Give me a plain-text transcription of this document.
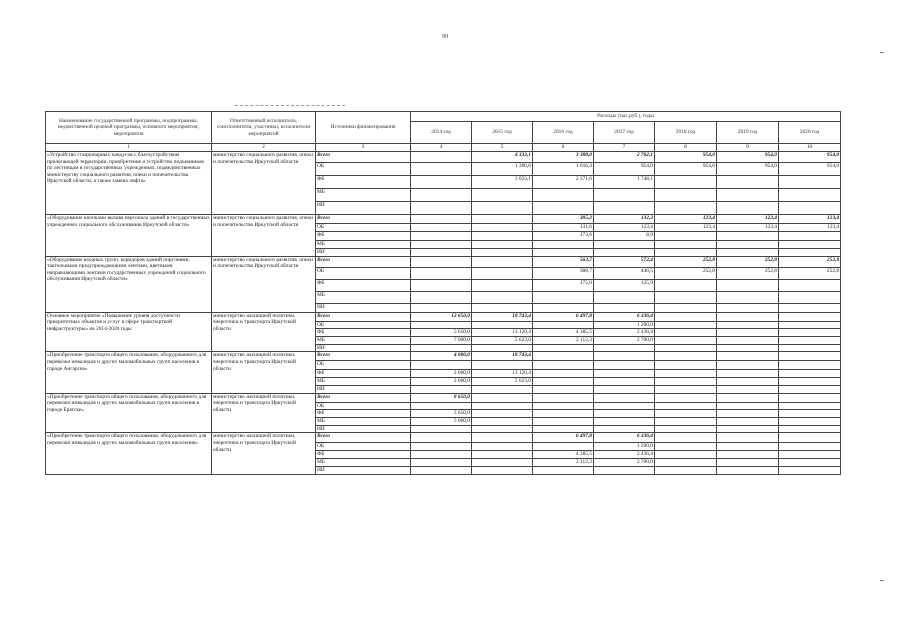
99
Наименование государственной программы, подпрограммы, ведомственной целевой программы, основного мероприятия, мероприятия	Ответственный исполнитель, соисполнители, участники, исполнители мероприятий	Источники финансирования	Расходы (тыс.руб.), годы						
			2014 год	2015 год	2016 год	2017 год	2018 год	2019 год	2020 год
1	2	3	4	5	6	7	8	9	10
«Устройство стационарных пандусов с благоустройством прилегающей территории, приобретение и устройство подъемников по лестницам в государственных учреждениях, подведомственных министерству социального развития, опеки и попечительства Иркутской области, а также замена лифта»	министерство социального развития, опеки и попечительства Иркутской области	Всего		4 333,1	3 388,0	2 702,1	954,0	954,0	954,0
		ОБ		1 300,0	1 016,4	954,0	954,0	954,0	954,0
		ФБ		3 033,1	2 371,6	1 748,1			
		МБ							
		ИИ							
«Оборудование кнопками вызова персонала зданий в государственных учреждениях социального обслуживания Иркутской области»	министерство социального развития, опеки и попечительства Иркутской области	Всего			305,2	132,3	123,4	123,4	123,4
		ОБ			131,6	123,4	123,4	123,4	123,4
		ФБ			173,6	8,9			
		МБ							
		ИИ							
«Оборудование входных групп, коридоров зданий поручнями, тактильными предупреждающими лентами, цветными направляющими лентами государственных учреждений социального обслуживания Иркутской области»	министерство социального развития, опеки и попечительства Иркутской области	Всего			563,7	572,4	252,8	252,8	252,8
		ОБ			388,7	446,5	252,8	252,8	252,8
		ФБ			175,0	125,9			
		МБ							
		ИИ							
Основное мероприятие «Повышение уровня доступности приоритетных объектов и услуг в сфере транспортной инфраструктуры» на 2014-2020 годы	министерство жилищной политики, энергетики и транспорта Иркутской области	Всего	12 650,0	18 743,4	6 497,8	6 336,4			
		ОБ				1 200,0			
		ФБ	5 650,0	13 120,4	4 385,5	2 436,4			
		МБ	7 000,0	5 623,0	2 112,3	2 700,0			
		ИИ							
«Приобретение транспорта общего пользования, оборудованного для перевозки инвалидов и других маломобильных групп населения в городе Ангарске»	министерство жилищной политики, энергетики и транспорта Иркутской области	Всего	4 000,0	18 743,4					
		ОБ							
		ФБ	2 000,0	13 120,4					
		МБ	2 000,0	5 623,0					
		ИИ							
«Приобретение транспорта общего пользования, оборудованного для перевозки инвалидов и других маломобильных групп населения в городе Братске»	министерство жилищной политики, энергетики и транспорта Иркутской области	Всего	8 650,0						
		ОБ							
		ФБ	3 650,0						
		МБ	5 000,0						
		ИИ							
«Приобретение транспорта общего пользования, оборудованного для перевозки инвалидов и других маломобильных групп населения»	министерство жилищной политики, энергетики и транспорта Иркутской области	Всего			6 497,8	6 336,4			
		ОБ				1 200,0			
		ФБ			4 385,5	2 436,4			
		МБ			2 112,3	2 700,0			
		ИИ							
